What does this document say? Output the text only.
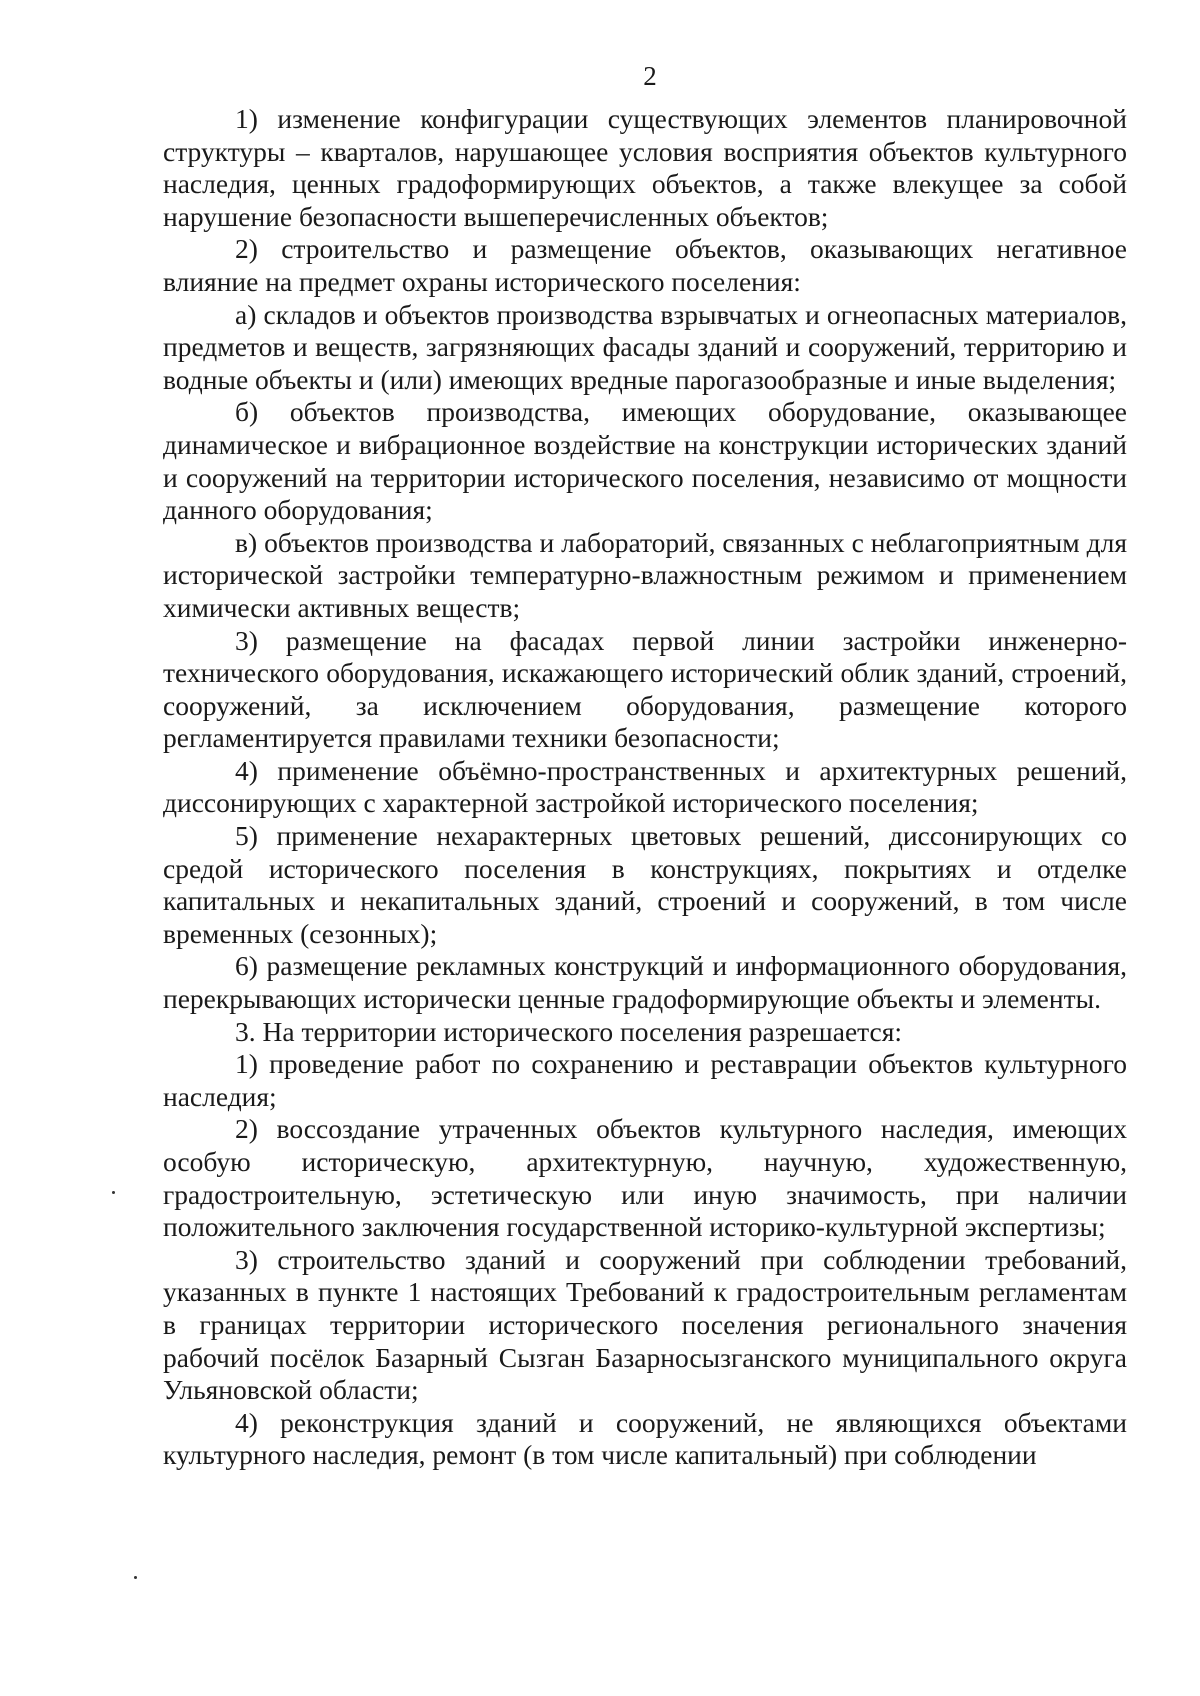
2

1) изменение конфигурации существующих элементов планировочной структуры – кварталов, нарушающее условия восприятия объектов культурного наследия, ценных градоформирующих объектов, а также влекущее за собой нарушение безопасности вышеперечисленных объектов;

2) строительство и размещение объектов, оказывающих негативное влияние на предмет охраны исторического поселения:

а) складов и объектов производства взрывчатых и огнеопасных материалов, предметов и веществ, загрязняющих фасады зданий и сооружений, территорию и водные объекты и (или) имеющих вредные парогазообразные и иные выделения;

б) объектов производства, имеющих оборудование, оказывающее динамическое и вибрационное воздействие на конструкции исторических зданий и сооружений на территории исторического поселения, независимо от мощности данного оборудования;

в) объектов производства и лабораторий, связанных с неблагоприятным для исторической застройки температурно-влажностным режимом и применением химически активных веществ;

3) размещение на фасадах первой линии застройки инженерно-технического оборудования, искажающего исторический облик зданий, строений, сооружений, за исключением оборудования, размещение которого регламентируется правилами техники безопасности;

4) применение объёмно-пространственных и архитектурных решений, диссонирующих с характерной застройкой исторического поселения;

5) применение нехарактерных цветовых решений, диссонирующих со средой исторического поселения в конструкциях, покрытиях и отделке капитальных и некапитальных зданий, строений и сооружений, в том числе временных (сезонных);

6) размещение рекламных конструкций и информационного оборудования, перекрывающих исторически ценные градоформирующие объекты и элементы.

3. На территории исторического поселения разрешается:

1) проведение работ по сохранению и реставрации объектов культурного наследия;

2) воссоздание утраченных объектов культурного наследия, имеющих особую историческую, архитектурную, научную, художественную, градостроительную, эстетическую или иную значимость, при наличии положительного заключения государственной историко-культурной экспертизы;

3) строительство зданий и сооружений при соблюдении требований, указанных в пункте 1 настоящих Требований к градостроительным регламентам в границах территории исторического поселения регионального значения рабочий посёлок Базарный Сызган Базарносызганского муниципального округа Ульяновской области;

4) реконструкция зданий и сооружений, не являющихся объектами культурного наследия, ремонт (в том числе капитальный) при соблюдении
